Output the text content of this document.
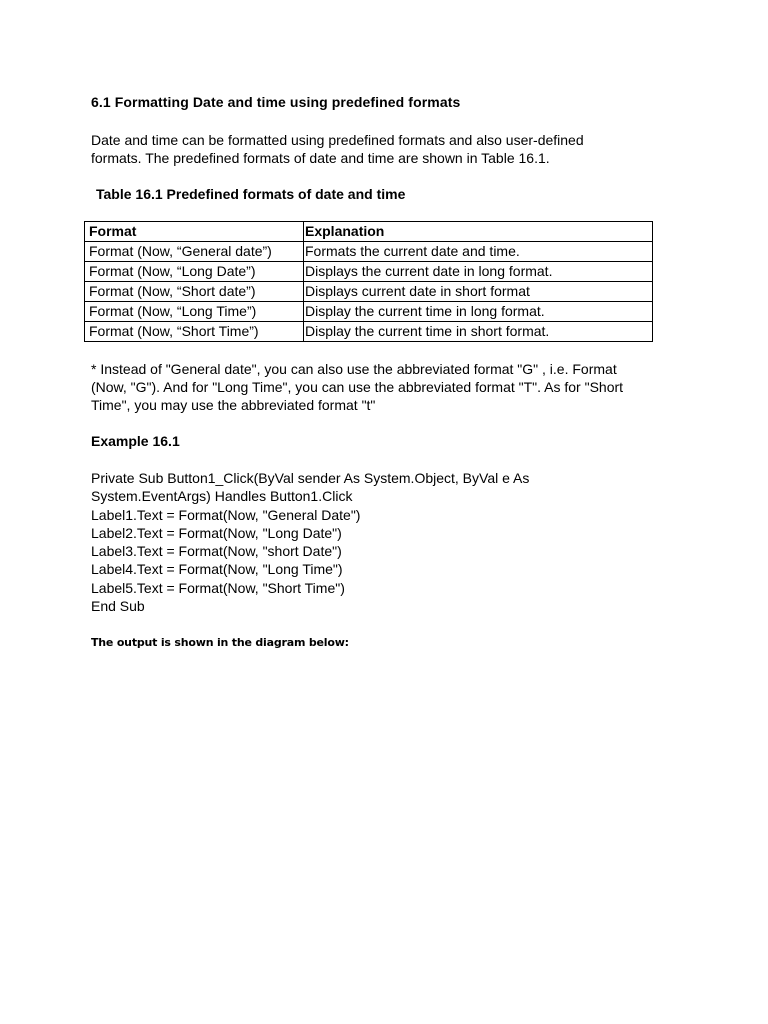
6.1 Formatting Date and time using predefined formats

Date and time can be formatted using predefined formats and also user-defined

formats. The predefined formats of date and time are shown in Table 16.1.

Table 16.1 Predefined formats of date and time
Format	Explanation
Format (Now, “General date”)	Formats the current date and time.
Format (Now, “Long Date”)	Displays the current date in long format.
Format (Now, “Short date”)	Displays current date in short format
Format (Now, “Long Time”)	Display the current time in long format.
Format (Now, “Short Time”)	Display the current time in short format.
* Instead of "General date", you can also use the abbreviated format "G" , i.e. Format
(Now, "G"). And for "Long Time", you can use the abbreviated format "T". As for "Short
Time", you may use the abbreviated format "t"
Example 16.1
Private Sub Button1_Click(ByVal sender As System.Object, ByVal e As
System.EventArgs) Handles Button1.Click
Label1.Text = Format(Now, "General Date")
Label2.Text = Format(Now, "Long Date")
Label3.Text = Format(Now, "short Date")
Label4.Text = Format(Now, "Long Time")
Label5.Text = Format(Now, "Short Time")
End Sub
The output is shown in the diagram below:
